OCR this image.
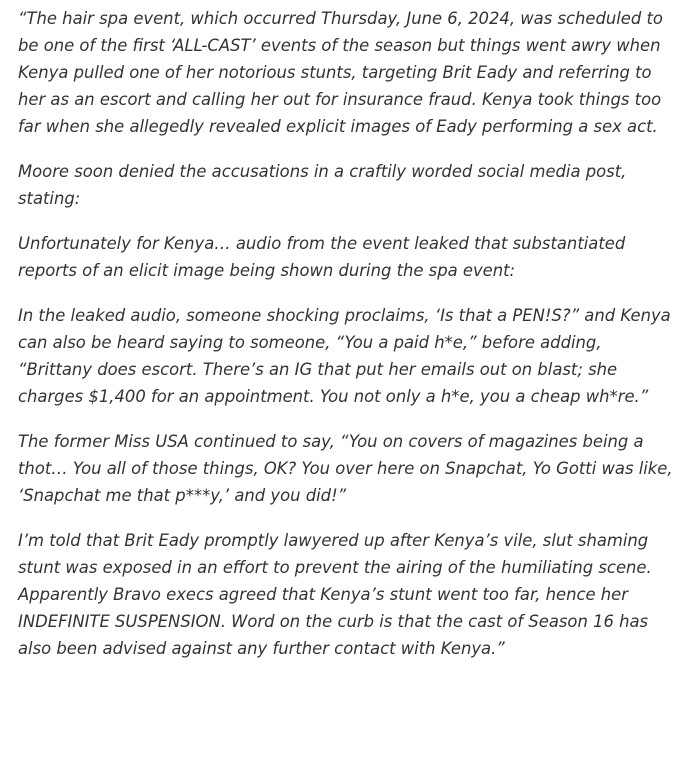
“The hair spa event, which occurred Thursday, June 6, 2024, was scheduled to be one of the first ‘ALL-CAST’ events of the season but things went awry when Kenya pulled one of her notorious stunts, targeting Brit Eady and referring to her as an escort and calling her out for insurance fraud. Kenya took things too far when she allegedly revealed explicit images of Eady performing a sex act.

Moore soon denied the accusations in a craftily worded social media post, stating:

Unfortunately for Kenya… audio from the event leaked that substantiated reports of an elicit image being shown during the spa event:

In the leaked audio, someone shocking proclaims, ‘Is that a PEN!S?” and Kenya can also be heard saying to someone, “You a paid h*e,” before adding, “Brittany does escort. There’s an IG that put her emails out on blast; she charges $1,400 for an appointment. You not only a h*e, you a cheap wh*re.”

The former Miss USA continued to say, “You on covers of magazines being a thot… You all of those things, OK? You over here on Snapchat, Yo Gotti was like, ‘Snapchat me that p***y,’ and you did!”

I’m told that Brit Eady promptly lawyered up after Kenya’s vile, slut shaming stunt was exposed in an effort to prevent the airing of the humiliating scene. Apparently Bravo execs agreed that Kenya’s stunt went too far, hence her INDEFINITE SUSPENSION. Word on the curb is that the cast of Season 16 has also been advised against any further contact with Kenya.”
